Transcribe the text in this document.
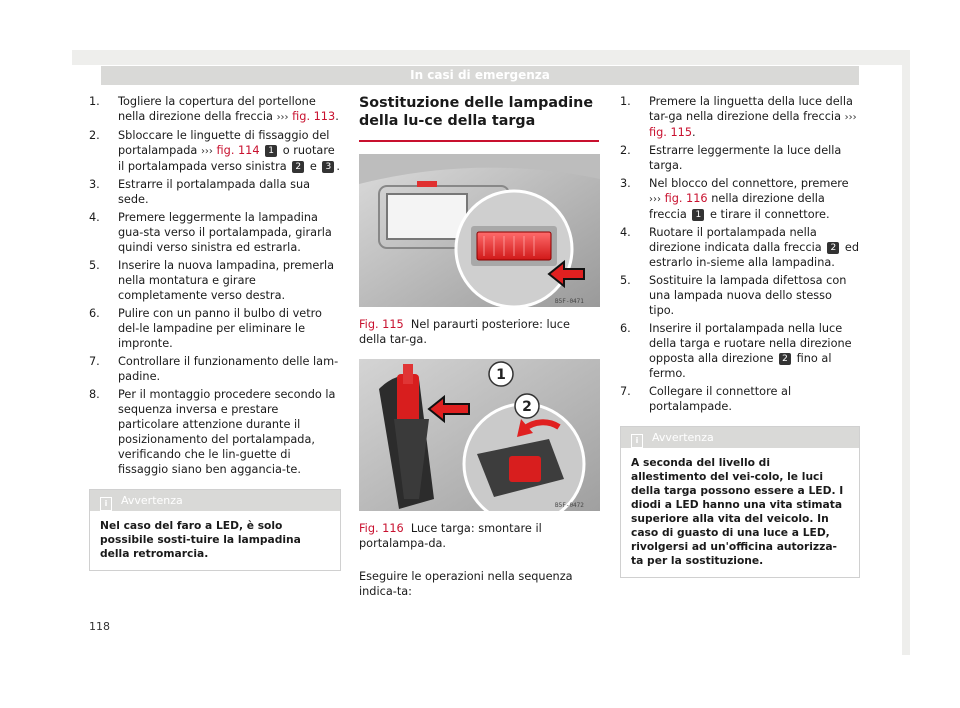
In casi di emergenza
1. Togliere la copertura del portellone nella direzione della freccia ››› fig. 113.
2. Sbloccare le linguette di fissaggio del portalampada ››› fig. 114 1 o ruotare il portalampada verso sinistra 2 e 3 .
3. Estrarre il portalampada dalla sua sede.
4. Premere leggermente la lampadina gua-sta verso il portalampada, girarla quindi verso sinistra ed estrarla.
5. Inserire la nuova lampadina, premerla nella montatura e girare completamente verso destra.
6. Pulire con un panno il bulbo di vetro del-le lampadine per eliminare le impronte.
7. Controllare il funzionamento delle lam-padine.
8. Per il montaggio procedere secondo la sequenza inversa e prestare particolare attenzione durante il posizionamento del portalampada, verificando che le lin-guette di fissaggio siano ben aggancia-te.
i Avvertenza
Nel caso del faro a LED, è solo possibile sosti-tuire la lampadina della retromarcia.
Sostituzione delle lampadine della lu-ce della targa
B5F-0471
Fig. 115 Nel paraurti posteriore: luce della tar-ga.
1
2
B5F-0472
Fig. 116 Luce targa: smontare il portalampa-da.
Eseguire le operazioni nella sequenza indica-ta:
1. Premere la linguetta della luce della tar-ga nella direzione della freccia ››› fig. 115.
2. Estrarre leggermente la luce della targa.
3. Nel blocco del connettore, premere ››› fig. 116 nella direzione della freccia 1 e tirare il connettore.
4. Ruotare il portalampada nella direzione indicata dalla freccia 2 ed estrarlo in-sieme alla lampadina.
5. Sostituire la lampada difettosa con una lampada nuova dello stesso tipo.
6. Inserire il portalampada nella luce della targa e ruotare nella direzione opposta alla direzione 2 fino al fermo.
7. Collegare il connettore al portalampade.
i Avvertenza
A seconda del livello di allestimento del vei-colo, le luci della targa possono essere a LED. I diodi a LED hanno una vita stimata superiore alla vita del veicolo. In caso di guasto di una luce a LED, rivolgersi ad un'officina autorizza-ta per la sostituzione.
118
